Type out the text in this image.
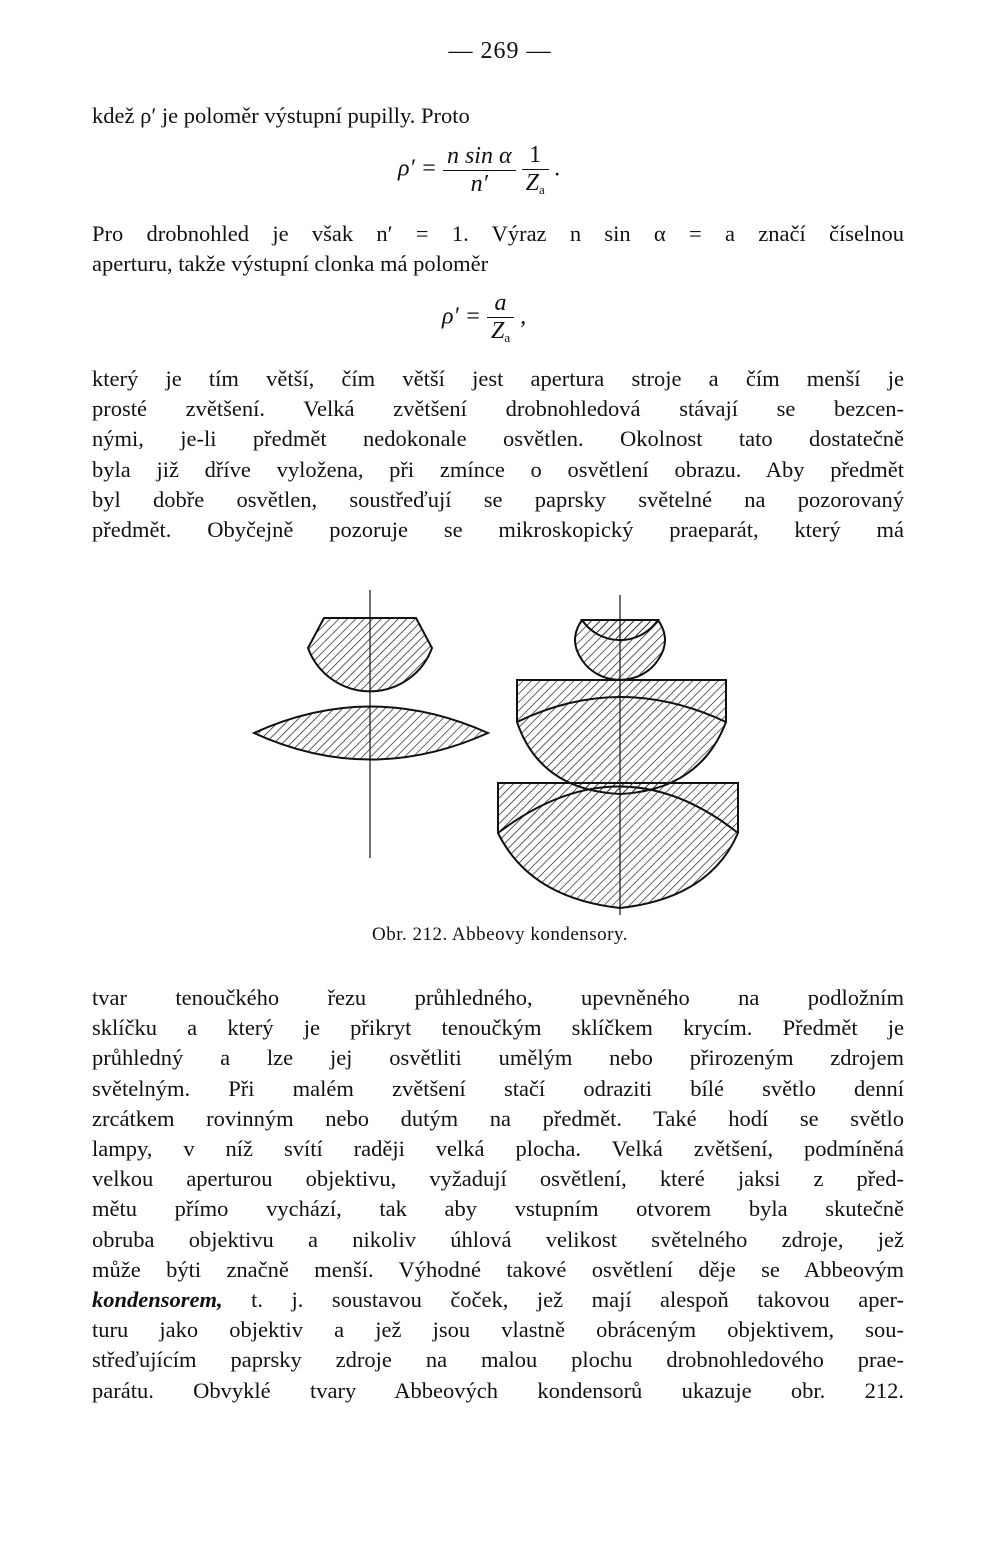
— 269 —
kdež ρ′ je poloměr výstupní pupilly. Proto
$\rho' = \frac{\text{n sin α}}{n'}$
$\frac{1}{Z_a}$ .
Pro drobnohled je však n′ = 1. Výraz n sin α = a značí číselnou
aperturu, takže výstupní clonka má poloměr
$\rho' = \frac{a}{Z_a}$ ,
který je tím větší, čím větší jest apertura stroje a čím menší je
prosté zvětšení. Velká zvětšení drobnohledová stávají se bezcen-
nými, je-li předmět nedokonale osvětlen. Okolnost tato dostatečně
byla již dříve vyložena, při zmínce o osvětlení obrazu. Aby předmět
byl dobře osvětlen, soustřeďují se paprsky světelné na pozorovaný
předmět. Obyčejně pozoruje se mikroskopický praeparát, který má
Obr. 212. Abbeovy kondensory.
tvar tenoučkého řezu průhledného, upevněného na podložním
sklíčku a který je přikryt tenoučkým sklíčkem krycím. Předmět je
průhledný a lze jej osvětliti umělým nebo přirozeným zdrojem
světelným. Při malém zvětšení stačí odraziti bílé světlo denní
zrcátkem rovinným nebo dutým na předmět. Také hodí se světlo
lampy, v níž svítí raději velká plocha. Velká zvětšení, podmíněná
velkou aperturou objektivu, vyžadují osvětlení, které jaksi z před-
mětu přímo vychází, tak aby vstupním otvorem byla skutečně
obruba objektivu a nikoliv úhlová velikost světelného zdroje, jež
může býti značně menší. Výhodné takové osvětlení děje se Abbeovým
kondensorem, t. j. soustavou čoček, jež mají alespoň takovou aper-
turu jako objektiv a jež jsou vlastně obráceným objektivem, sou-
střeďujícím paprsky zdroje na malou plochu drobnohledového prae-
parátu. Obvyklé tvary Abbeových kondensorů ukazuje obr. 212.
